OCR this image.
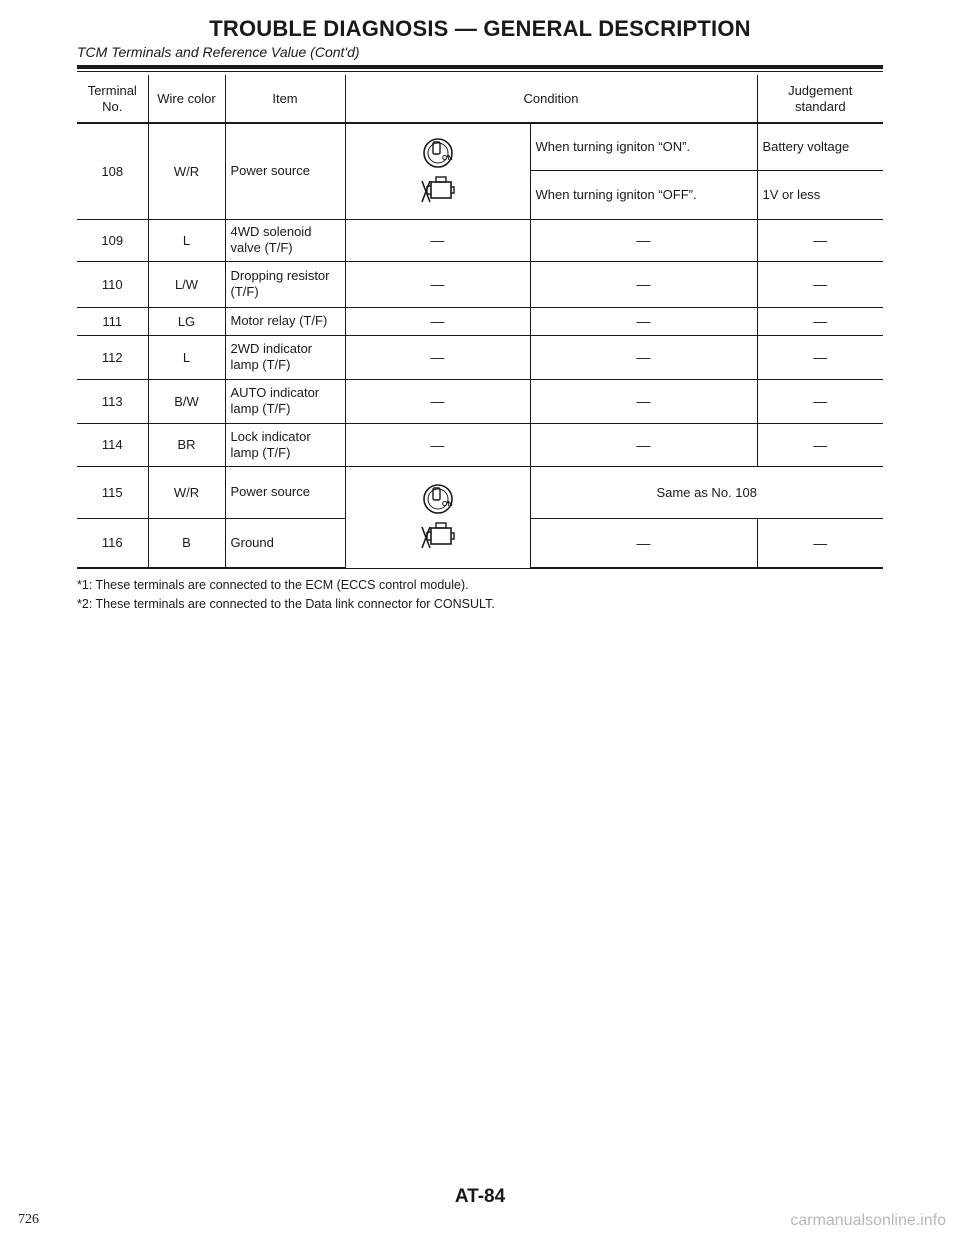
TROUBLE DIAGNOSIS — GENERAL DESCRIPTION
TCM Terminals and Reference Value (Cont'd)
Terminal
No.	Wire color	Item	Condition		Judgement
standard
108	W/R	Power source	ON	When turning igniton “ON”.	Battery voltage
				When turning igniton “OFF”.	1V or less
109	L	4WD solenoid
valve (T/F)	—	—	—
110	L/W	Dropping resistor
(T/F)	—	—	—
111	LG	Motor relay (T/F)	—	—	—
112	L	2WD indicator
lamp (T/F)	—	—	—
113	B/W	AUTO indicator
lamp (T/F)	—	—	—
114	BR	Lock indicator
lamp (T/F)	—	—	—
115	W/R	Power source	ON	Same as No. 108	
116	B	Ground		—	—
*1: These terminals are connected to the ECM (ECCS control module).
*2: These terminals are connected to the Data link connector for CONSULT.
AT-84
726	carmanualsonline.info
